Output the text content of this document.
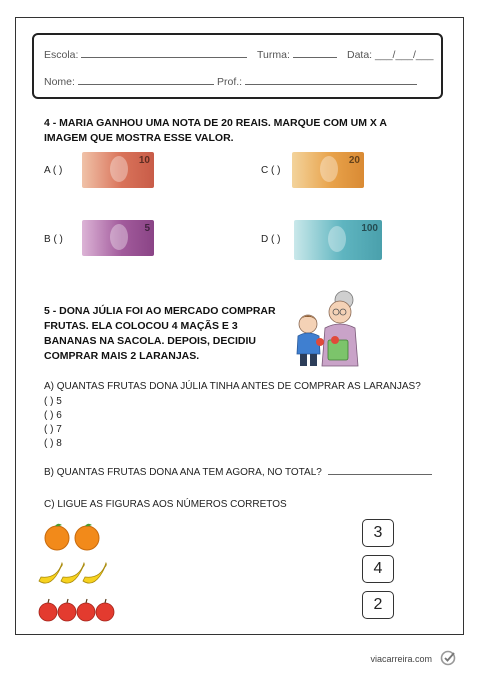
Escola:	Turma:	Data: ___/___/___
Nome:	Prof.:
4 - MARIA GANHOU UMA NOTA DE 20 REAIS. MARQUE COM UM X A
IMAGEM QUE MOSTRA ESSE VALOR.
A ( )
10
C ( )
20
B ( )
5
D ( )
100
5 - DONA JÚLIA FOI AO MERCADO COMPRAR
FRUTAS. ELA COLOCOU 4 MAÇÃS E 3
BANANAS NA SACOLA. DEPOIS, DECIDIU
COMPRAR MAIS 2 LARANJAS.
A) QUANTAS FRUTAS DONA JÚLIA TINHA ANTES DE COMPRAR AS LARANJAS?
( ) 5
( ) 6
( ) 7
( ) 8
B) QUANTAS FRUTAS DONA ANA TEM AGORA, NO TOTAL?
C) LIGUE AS FIGURAS AOS NÚMEROS CORRETOS
3
4
2
viacarreira.com
